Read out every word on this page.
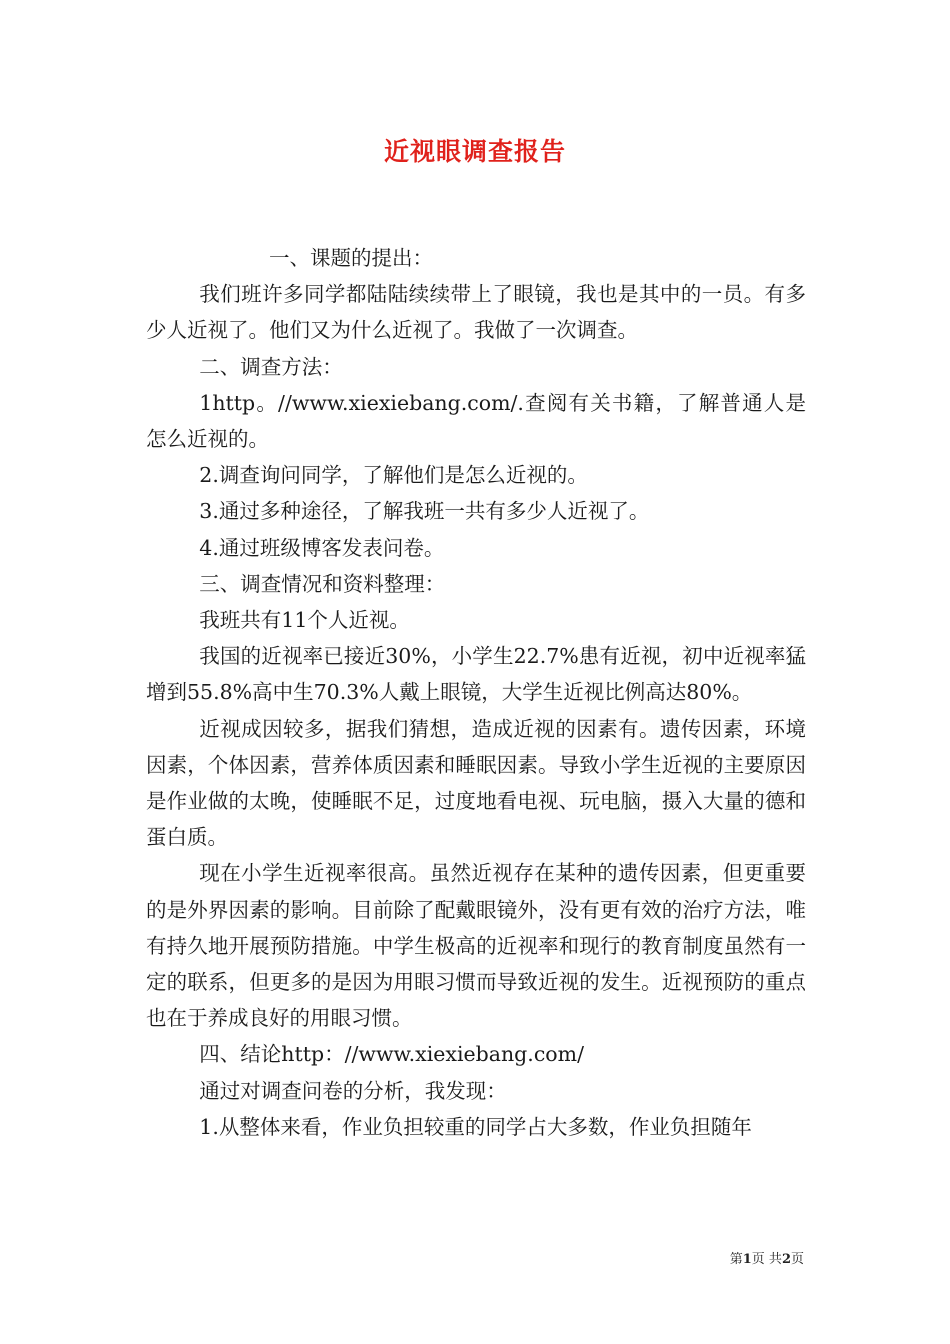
近视眼调查报告

一、课题的提出：

我们班许多同学都陆陆续续带上了眼镜，我也是其中的一员。有多少人近视了。他们又为什么近视了。我做了一次调查。

二、调查方法：

1http。//www.xiexiebang.com/.查阅有关书籍，了解普通人是怎么近视的。

2.调查询问同学，了解他们是怎么近视的。

3.通过多种途径，了解我班一共有多少人近视了。

4.通过班级博客发表问卷。

三、调查情况和资料整理：

我班共有11个人近视。

我国的近视率已接近30%，小学生22.7%患有近视，初中近视率猛增到55.8%高中生70.3%人戴上眼镜，大学生近视比例高达80%。

近视成因较多，据我们猜想，造成近视的因素有。遗传因素，环境因素，个体因素，营养体质因素和睡眠因素。导致小学生近视的主要原因是作业做的太晚，使睡眠不足，过度地看电视、玩电脑，摄入大量的德和蛋白质。

现在小学生近视率很高。虽然近视存在某种的遗传因素，但更重要的是外界因素的影响。目前除了配戴眼镜外，没有更有效的治疗方法，唯有持久地开展预防措施。中学生极高的近视率和现行的教育制度虽然有一定的联系，但更多的是因为用眼习惯而导致近视的发生。近视预防的重点也在于养成良好的用眼习惯。

四、结论http：//www.xiexiebang.com/

通过对调查问卷的分析，我发现：

1.从整体来看，作业负担较重的同学占大多数，作业负担随年

第1页 共2页
